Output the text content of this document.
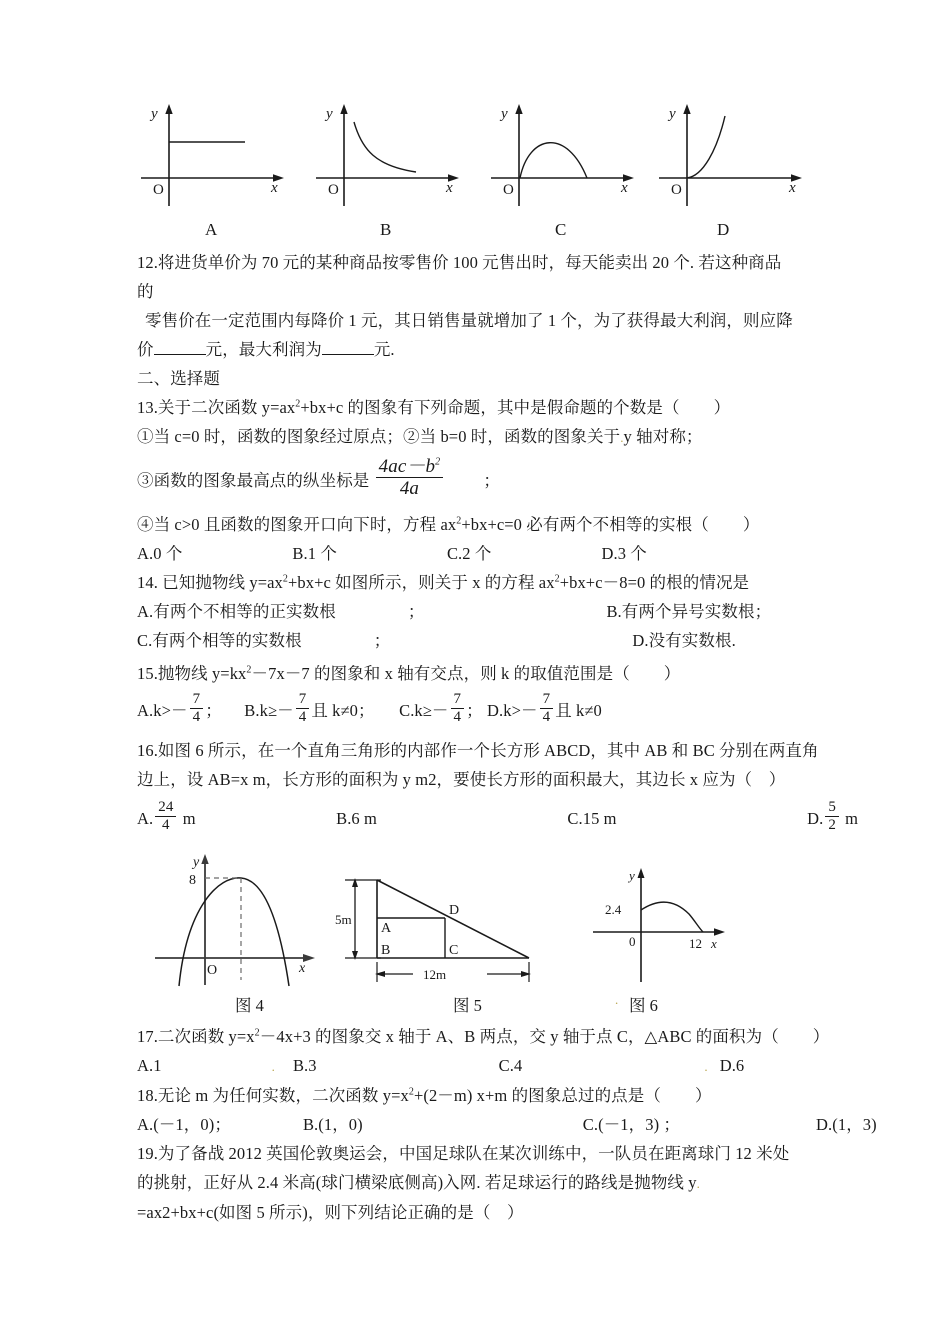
y
x
O
A
y
x
O
B
y
x
O
C
y
x
O
D
12.将进货单价为 70 元的某种商品按零售价 100 元售出时，每天能卖出 20 个. 若这种商品
的
零售价在一定范围内每降价 1 元，其日销售量就增加了 1 个，为了获得最大利润，则应降
价	元，最大利润为	元.
二、选择题
13.关于二次函数 $y=ax^2+bx+c$ 的图象有下列命题，其中是假命题的个数是（ ）
①当 c=0 时，函数的图象经过原点；②当 b=0 时，函数的图象关于.y 轴对称；
③函数的图象最高点的纵坐标是 $\frac{4ac-b^2}{4a}$ ；
④当 c>0 且函数的图象开口向下时，方程 $ax^2+bx+c=0$ 必有两个不相等的实根（ ）
A.0 个	B.1 个	C.2 个	D.3 个
14. 已知抛物线 $y=ax^2+bx+c$ 如图所示，则关于 x 的方程 $ax^2+bx+c-8=0$ 的根的情况是
A.有两个不相等的正实数根	；	B.有两个异号实数根；
C.有两个相等的实数根	；	D.没有实数根.
15.抛物线 $y=kx^2-7x-7$ 的图象和 x 轴有交点，则 k 的取值范围是（ ）
$A.k>- \frac{7}{4}$ ； $B.k\ge- \frac{7}{4}$ 且 k≠0； $C.k\ge- \frac{7}{4}$ ； $D.k>- \frac{7}{4}$ 且 k≠0
16.如图 6 所示，在一个直角三角形的内部作一个长方形 ABCD，其中 AB 和 BC 分别在两直角
边上，设 AB=x m，长方形的面积为 y m2，要使长方形的面积最大，其边长 x 应为（　）
A. $\frac{24}{4}$ m	B.6 m	C.15 m	D. $\frac{5}{2}$ m
y
x
8
O
5m
12m
A
B	C
D
y
x
2.4
0	12
图 4	图 5	. 图 6
17.二次函数 $y=x^2-4x+3$ 的图象交 x 轴于 A、B 两点，交 y 轴于点 C，△ABC 的面积为（ ）
A.1	. B.3	C.4	. D.6
18.无论 m 为任何实数，二次函数 $y=x^2+(2-m)$ x+m 的图象总过的点是（ ）
A.(－1，0)；	B.(1，0)	C.(－1，3) ；	D.(1，3)
19.为了备战 2012 英国伦敦奥运会，中国足球队在某次训练中，一队员在距离球门 12 米处
的挑射，正好从 2.4 米高(球门横梁底侧高)入网. 若足球运行的路线是抛物线 y.
=ax2+bx+c(如图 5 所示)，则下列结论正确的是（　）
